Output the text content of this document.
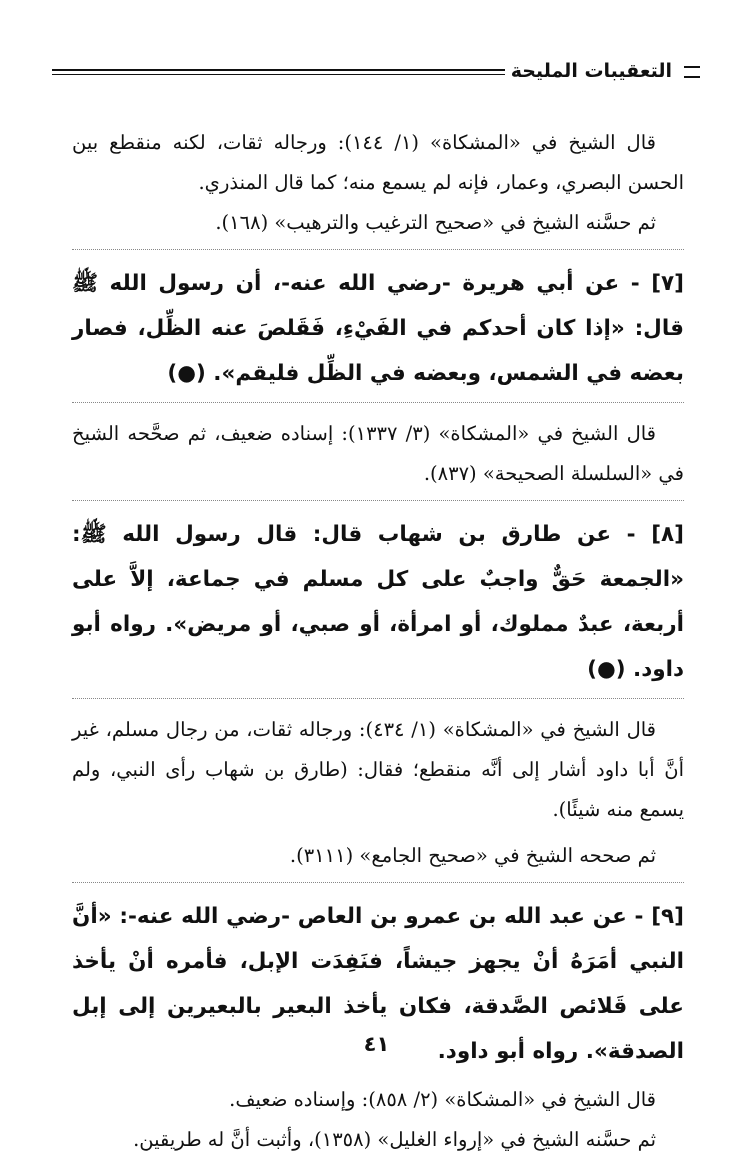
التعقيبات المليحة

قال الشيخ في «المشكاة» (١/ ١٤٤): ورجاله ثقات، لكنه منقطع بين الحسن البصري، وعمار، فإنه لم يسمع منه؛ كما قال المنذري.

ثم حسَّنه الشيخ في «صحيح الترغيب والترهيب» (١٦٨).

[٧] - عن أبي هريرة -رضي الله عنه-، أن رسول الله ﷺ قال: «إذا كان أحدكم في الفَيْءِ، فَقَلصَ عنه الظِّل، فصار بعضه في الشمس، وبعضه في الظِّل فليقم». (●)

قال الشيخ في «المشكاة» (٣/ ١٣٣٧): إسناده ضعيف، ثم صحَّحه الشيخ في «السلسلة الصحيحة» (٨٣٧).

[٨] - عن طارق بن شهاب قال: قال رسول الله ﷺ: «الجمعة حَقٌّ واجبٌ على كل مسلم في جماعة، إلاَّ على أربعة، عبدٌ مملوك، أو امرأة، أو صبي، أو مريض». رواه أبو داود. (●)

قال الشيخ في «المشكاة» (١/ ٤٣٤): ورجاله ثقات، من رجال مسلم، غير أنَّ أبا داود أشار إلى أنَّه منقطع؛ فقال: (طارق بن شهاب رأى النبي، ولم يسمع منه شيئًا).

ثم صححه الشيخ في «صحيح الجامع» (٣١١١).

[٩] - عن عبد الله بن عمرو بن العاص -رضي الله عنه-: «أنَّ النبي أمَرَهُ أنْ يجهز جيشاً، فنَفِدَت الإبل، فأمره أنْ يأخذ على قَلائص الصَّدقة، فكان يأخذ البعير بالبعيرين إلى إبل الصدقة». رواه أبو داود.

قال الشيخ في «المشكاة» (٢/ ٨٥٨): وإسناده ضعيف.

ثم حسَّنه الشيخ في «إرواء الغليل» (١٣٥٨)، وأثبت أنَّ له طريقين.

٤١
